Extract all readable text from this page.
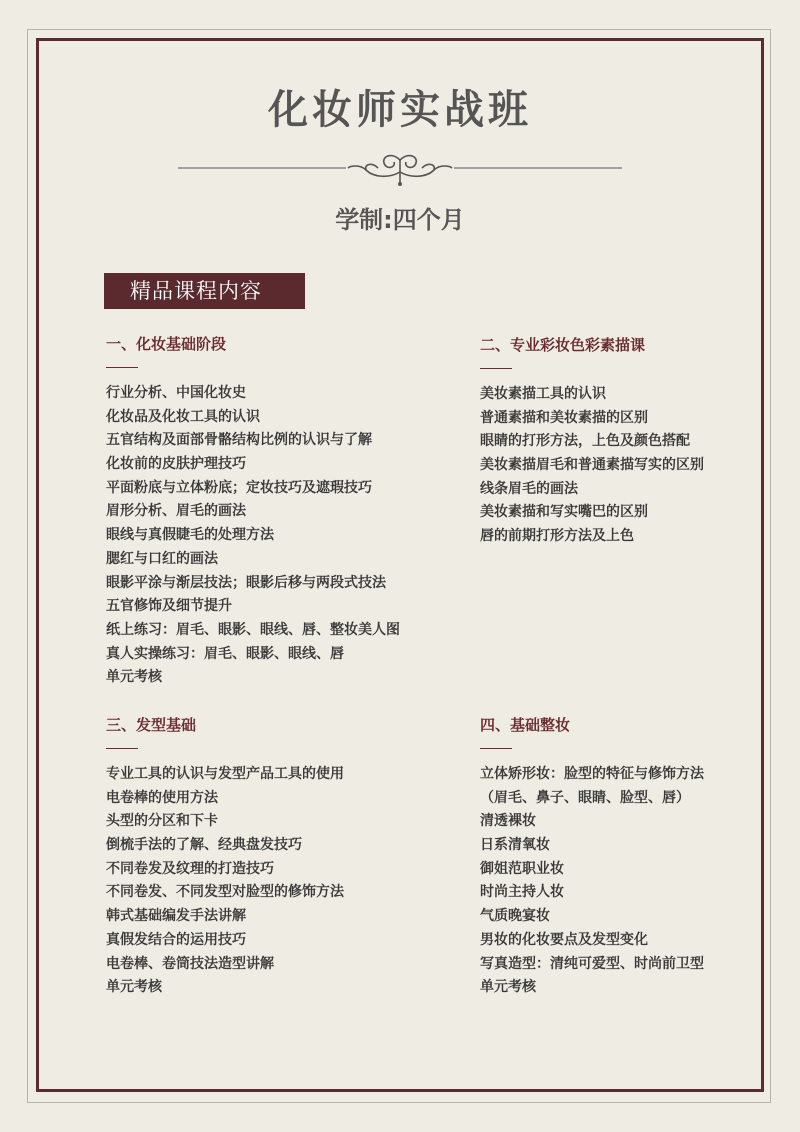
化妆师实战班
学制:四个月
精品课程内容
一、化妆基础阶段
行业分析、中国化妆史
化妆品及化妆工具的认识
五官结构及面部骨骼结构比例的认识与了解
化妆前的皮肤护理技巧
平面粉底与立体粉底；定妆技巧及遮瑕技巧
眉形分析、眉毛的画法
眼线与真假睫毛的处理方法
腮红与口红的画法
眼影平涂与渐层技法；眼影后移与两段式技法
五官修饰及细节提升
纸上练习：眉毛、眼影、眼线、唇、整妆美人图
真人实操练习：眉毛、眼影、眼线、唇
单元考核
二、专业彩妆色彩素描课
美妆素描工具的认识
普通素描和美妆素描的区别
眼睛的打形方法，上色及颜色搭配
美妆素描眉毛和普通素描写实的区别
线条眉毛的画法
美妆素描和写实嘴巴的区别
唇的前期打形方法及上色
三、发型基础
专业工具的认识与发型产品工具的使用
电卷棒的使用方法
头型的分区和下卡
倒梳手法的了解、经典盘发技巧
不同卷发及纹理的打造技巧
不同卷发、不同发型对脸型的修饰方法
韩式基础编发手法讲解
真假发结合的运用技巧
电卷棒、卷筒技法造型讲解
单元考核
四、基础整妆
立体矫形妆：脸型的特征与修饰方法
（眉毛、鼻子、眼睛、脸型、唇）
清透裸妆
日系清氧妆
御姐范职业妆
时尚主持人妆
气质晚宴妆
男妆的化妆要点及发型变化
写真造型：清纯可爱型、时尚前卫型
单元考核
